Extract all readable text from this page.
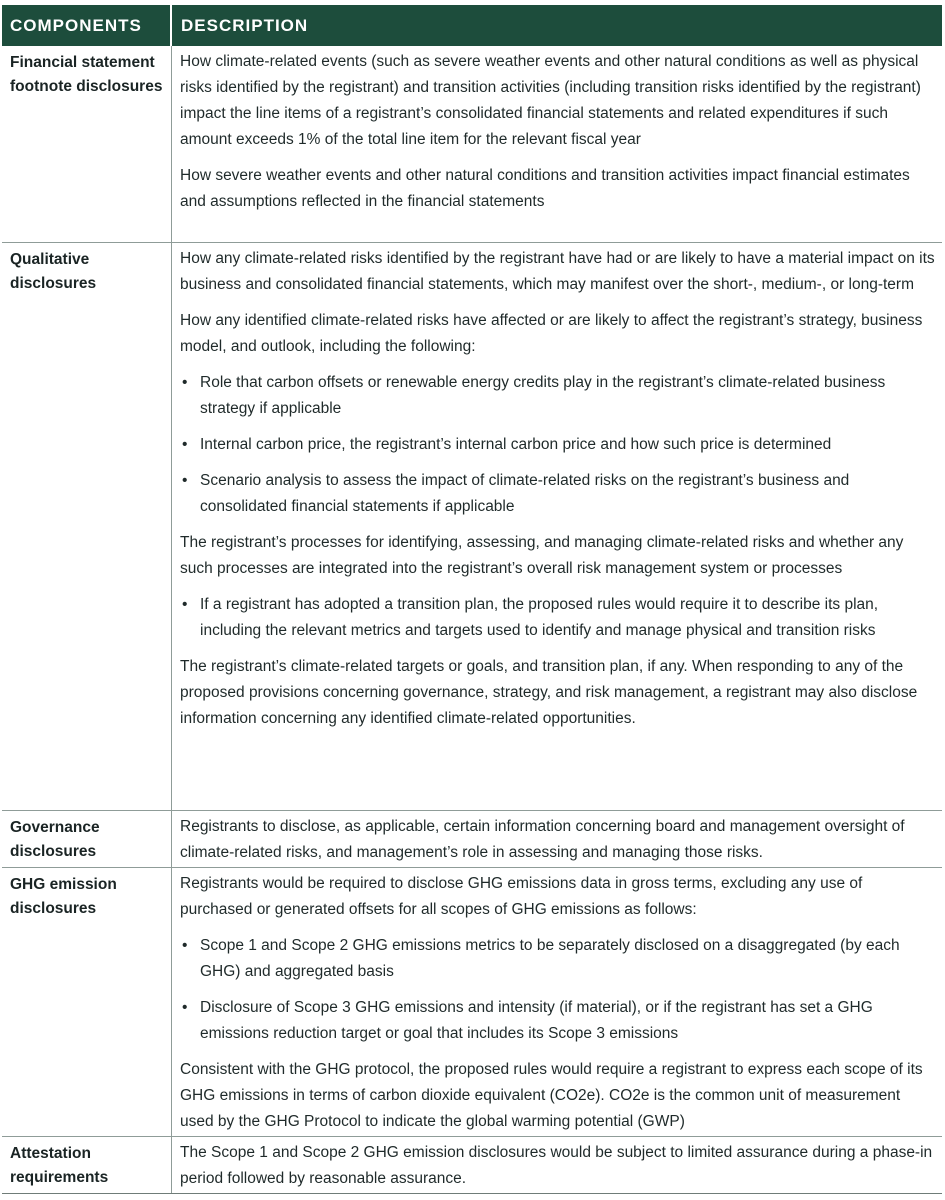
COMPONENTS	DESCRIPTION
Financial statement footnote disclosures

How climate-related events (such as severe weather events and other natural conditions as well as physical risks identified by the registrant) and transition activities (including transition risks identified by the registrant) impact the line items of a registrant’s consolidated financial statements and related expenditures if such amount exceeds 1% of the total line item for the relevant fiscal year

How severe weather events and other natural conditions and transition activities impact financial estimates and assumptions reflected in the financial statements

Qualitative disclosures

How any climate-related risks identified by the registrant have had or are likely to have a material impact on its business and consolidated financial statements, which may manifest over the short-, medium-, or long-term

How any identified climate-related risks have affected or are likely to affect the registrant’s strategy, business model, and outlook, including the following:

• Role that carbon offsets or renewable energy credits play in the registrant’s climate-related business strategy if applicable
• Internal carbon price, the registrant’s internal carbon price and how such price is determined
• Scenario analysis to assess the impact of climate-related risks on the registrant’s business and consolidated financial statements if applicable

The registrant’s processes for identifying, assessing, and managing climate-related risks and whether any such processes are integrated into the registrant’s overall risk management system or processes

• If a registrant has adopted a transition plan, the proposed rules would require it to describe its plan, including the relevant metrics and targets used to identify and manage physical and transition risks

The registrant’s climate-related targets or goals, and transition plan, if any. When responding to any of the proposed provisions concerning governance, strategy, and risk management, a registrant may also disclose information concerning any identified climate-related opportunities.

Governance disclosures

Registrants to disclose, as applicable, certain information concerning board and management oversight of climate-related risks, and management’s role in assessing and managing those risks.

GHG emission disclosures

Registrants would be required to disclose GHG emissions data in gross terms, excluding any use of purchased or generated offsets for all scopes of GHG emissions as follows:

• Scope 1 and Scope 2 GHG emissions metrics to be separately disclosed on a disaggregated (by each GHG) and aggregated basis
• Disclosure of Scope 3 GHG emissions and intensity (if material), or if the registrant has set a GHG emissions reduction target or goal that includes its Scope 3 emissions

Consistent with the GHG protocol, the proposed rules would require a registrant to express each scope of its GHG emissions in terms of carbon dioxide equivalent (CO2e). CO2e is the common unit of measurement used by the GHG Protocol to indicate the global warming potential (GWP)

Attestation requirements

The Scope 1 and Scope 2 GHG emission disclosures would be subject to limited assurance during a phase-in period followed by reasonable assurance.
